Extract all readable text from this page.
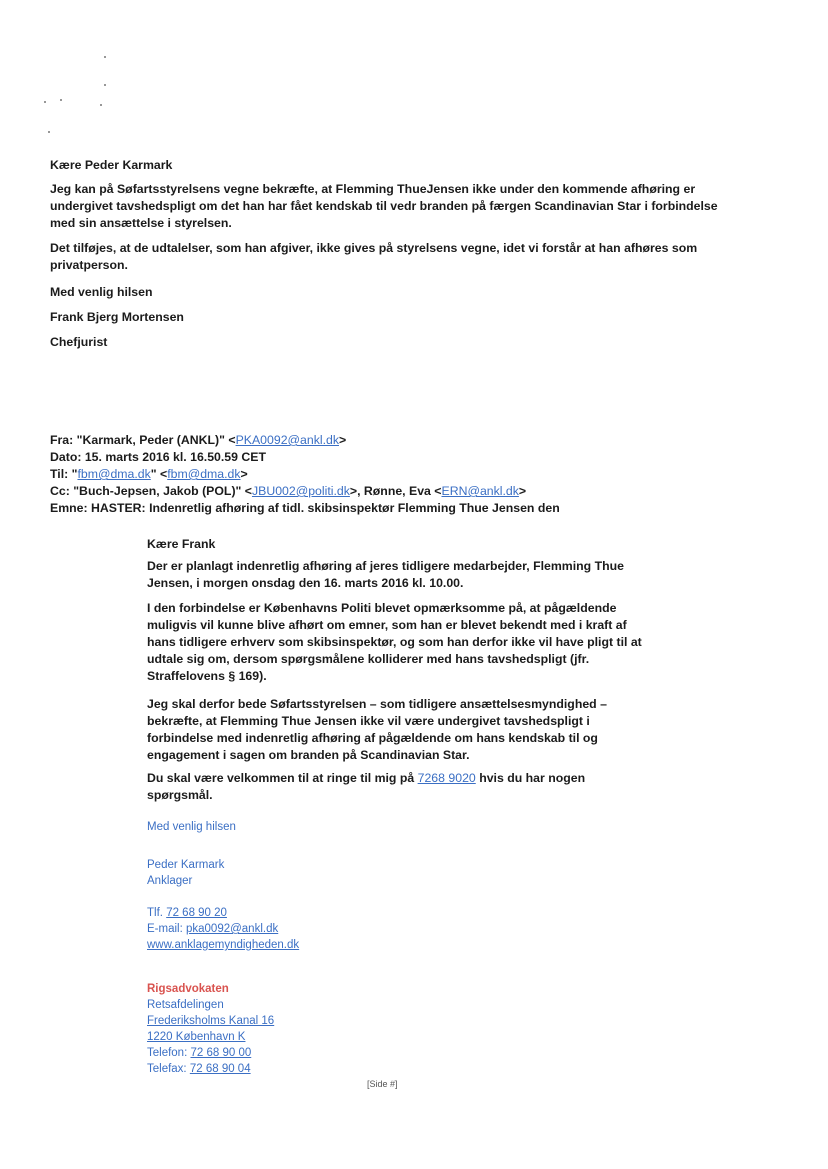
Kære Peder Karmark

Jeg kan på Søfartsstyrelsens vegne bekræfte, at Flemming ThueJensen ikke under den kommende afhøring er
undergivet tavshedspligt om det han har fået kendskab til vedr branden på færgen Scandinavian Star i forbindelse
med sin ansættelse i styrelsen.

Det tilføjes, at de udtalelser, som han afgiver, ikke gives på styrelsens vegne, idet vi forstår at han afhøres som
privatperson.

Med venlig hilsen

Frank Bjerg Mortensen

Chefjurist

Fra: "Karmark, Peder (ANKL)" <PKA0092@ankl.dk>

Dato: 15. marts 2016 kl. 16.50.59 CET

Til: "fbm@dma.dk" <fbm@dma.dk>

Cc: "Buch-Jepsen, Jakob (POL)" <JBU002@politi.dk>, Rønne, Eva <ERN@ankl.dk>

Emne: HASTER: Indenretlig afhøring af tidl. skibsinspektør Flemming Thue Jensen den

Kære Frank

Der er planlagt indenretlig afhøring af jeres tidligere medarbejder, Flemming Thue
Jensen, i morgen onsdag den 16. marts 2016 kl. 10.00.

I den forbindelse er Københavns Politi blevet opmærksomme på, at pågældende
muligvis vil kunne blive afhørt om emner, som han er blevet bekendt med i kraft af
hans tidligere erhverv som skibsinspektør, og som han derfor ikke vil have pligt til at
udtale sig om, dersom spørgsmålene kolliderer med hans tavshedspligt (jfr.
Straffelovens § 169).

Jeg skal derfor bede Søfartsstyrelsen – som tidligere ansættelsesmyndighed –
bekræfte, at Flemming Thue Jensen ikke vil være undergivet tavshedspligt i
forbindelse med indenretlig afhøring af pågældende om hans kendskab til og
engagement i sagen om branden på Scandinavian Star.

Du skal være velkommen til at ringe til mig på 7268 9020 hvis du har nogen
spørgsmål.

Med venlig hilsen

Peder Karmark

Anklager

Tlf. 72 68 90 20

E-mail: pka0092@ankl.dk

www.anklagemyndigheden.dk

Rigsadvokaten

Retsafdelingen

Frederiksholms Kanal 16

1220 København K

Telefon: 72 68 90 00

Telefax: 72 68 90 04

[Side #]
